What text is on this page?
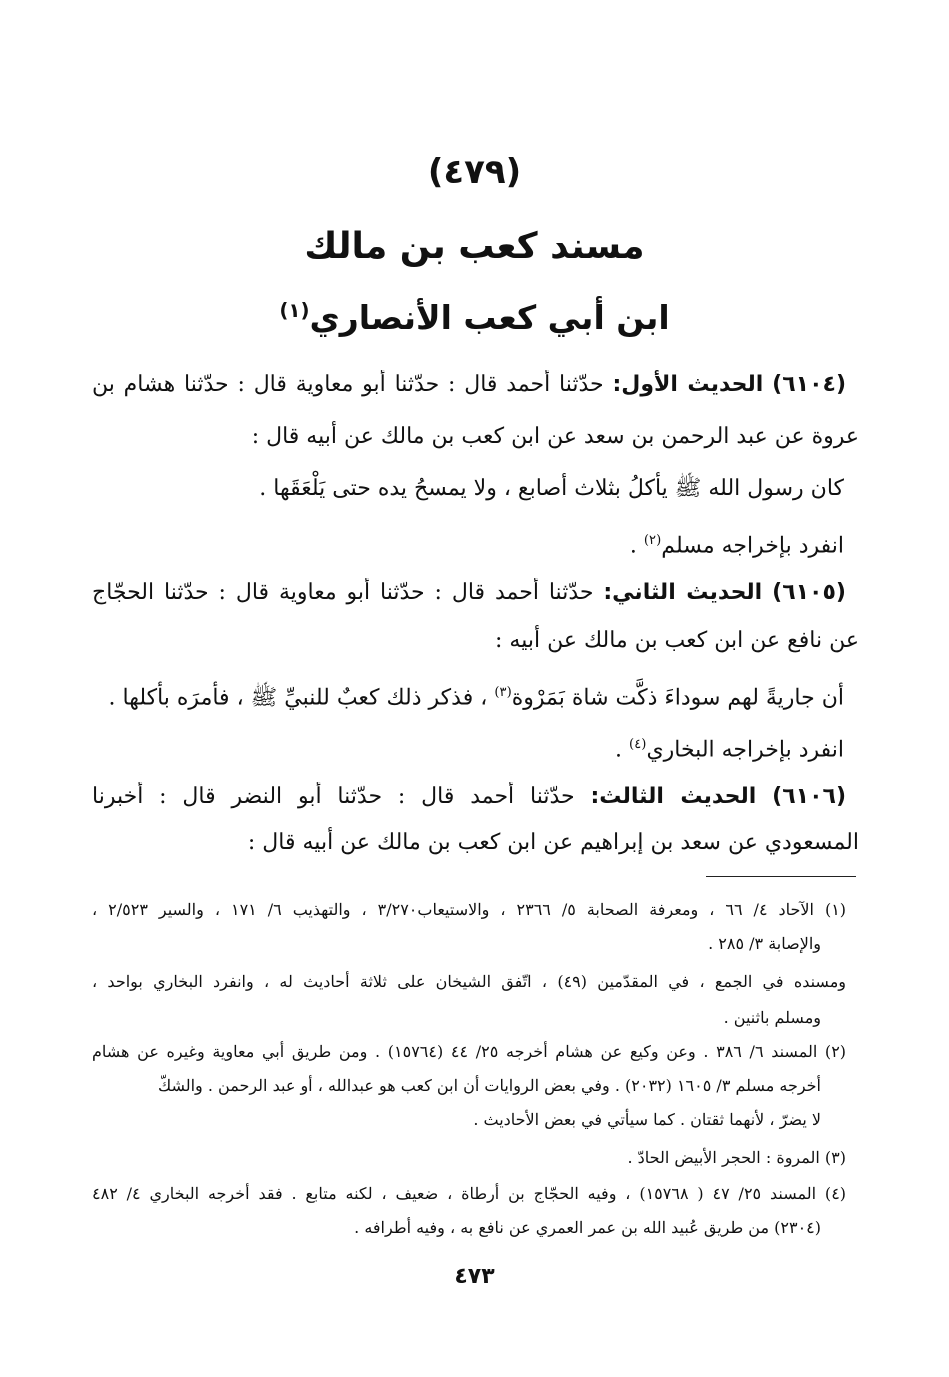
(٤٧٩)
مسند كعب بن مالك
ابن أبي كعب الأنصاري$^{(١)}$
(٦١٠٤) الحديث الأول: حدّثنا أحمد قال : حدّثنا أبو معاوية قال : حدّثنا هشام بن
عروة عن عبد الرحمن بن سعد عن ابن كعب بن مالك عن أبيه قال :
كان رسول الله ﷺ يأكلُ بثلاث أصابع ، ولا يمسحُ يده حتى يَلْعَقَها .
انفرد بإخراجه مسلم$^{(٢)}$ .
(٦١٠٥) الحديث الثاني: حدّثنا أحمد قال : حدّثنا أبو معاوية قال : حدّثنا الحجّاج
عن نافع عن ابن كعب بن مالك عن أبيه :
أن جاريةً لهم سوداءَ ذكَّت شاة بَمَرْوة$^{(٣)}$ ، فذكر ذلك كعبٌ للنبيِّ ﷺ ، فأمرَه بأكلها .
انفرد بإخراجه البخاري$^{(٤)}$ .
(٦١٠٦) الحديث الثالث: حدّثنا أحمد قال : حدّثنا أبو النضر قال : أخبرنا
المسعودي عن سعد بن إبراهيم عن ابن كعب بن مالك عن أبيه قال :
(١) الآحاد ٤/ ٦٦ ، ومعرفة الصحابة ٥/ ٢٣٦٦ ، والاستيعاب٣/٢٧٠ ، والتهذيب ٦/ ١٧١ ، والسير ٢/٥٢٣ ،
والإصابة ٣/ ٢٨٥ .
ومسنده في الجمع ، في المقدّمين (٤٩) ، اتّفق الشيخان على ثلاثة أحاديث له ، وانفرد البخاري بواحد ،
ومسلم باثنين .
(٢) المسند ٦/ ٣٨٦ . وعن وكيع عن هشام أخرجه ٢٥/ ٤٤ (١٥٧٦٤) . ومن طريق أبي معاوية وغيره عن هشام
أخرجه مسلم ٣/ ١٦٠٥ (٢٠٣٢) . وفي بعض الروايات أن ابن كعب هو عبدالله ، أو عبد الرحمن . والشكّ
لا يضرّ ، لأنهما ثقتان . كما سيأتي في بعض الأحاديث .
(٣) المروة : الحجر الأبيض الحادّ .
(٤) المسند ٢٥/ ٤٧ ( ١٥٧٦٨) ، وفيه الحجّاج بن أرطاة ، ضعيف ، لكنه متابع . فقد أخرجه البخاري ٤/ ٤٨٢
(٢٣٠٤) من طريق عُبيد الله بن عمر العمري عن نافع به ، وفيه أطرافه .
٤٧٣
